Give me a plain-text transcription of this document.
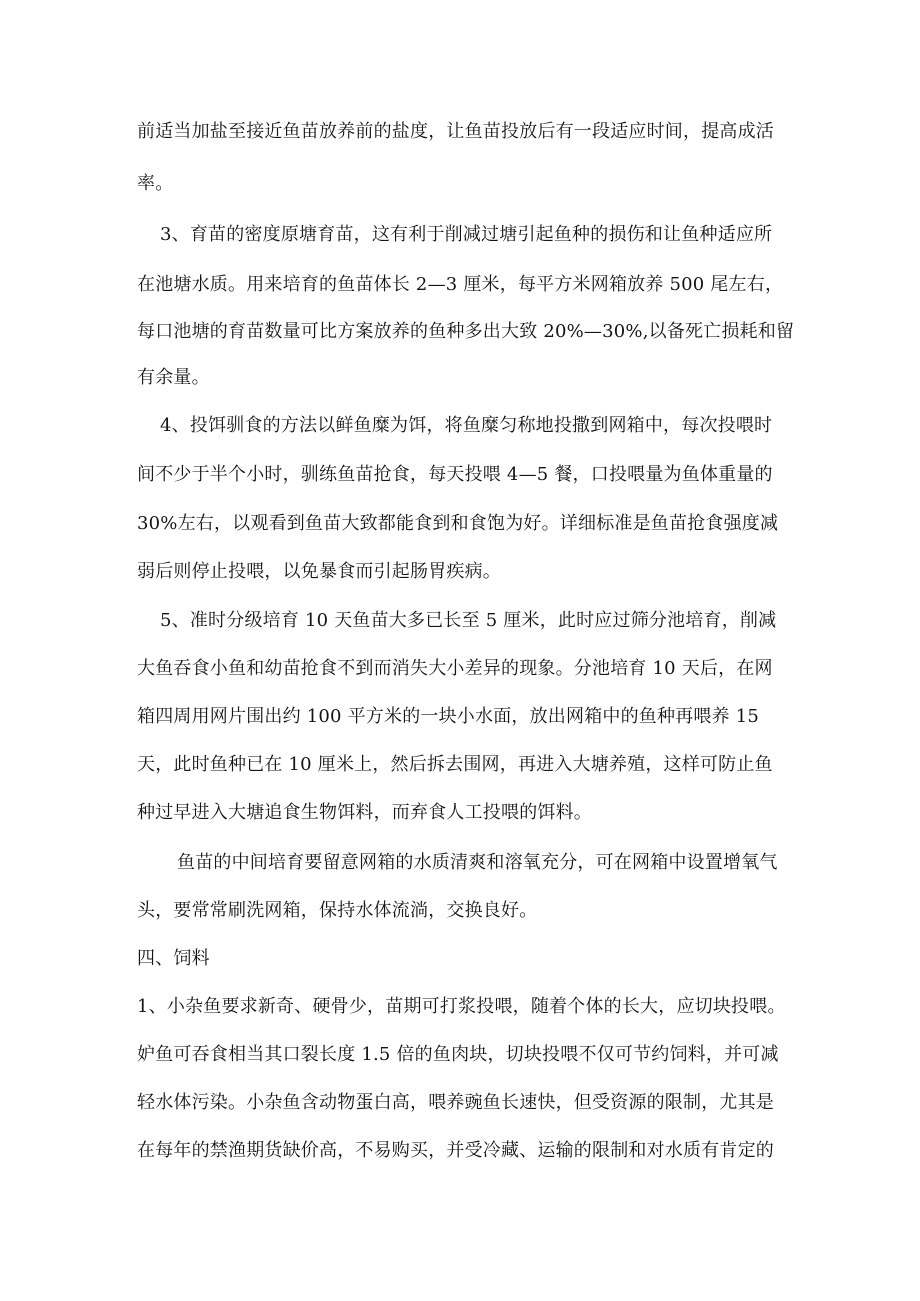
前适当加盐至接近鱼苗放养前的盐度，让鱼苗投放后有一段适应时间，提高成活
率。
3、育苗的密度原塘育苗，这有利于削减过塘引起鱼种的损伤和让鱼种适应所
在池塘水质。用来培育的鱼苗体长 2—3 厘米，每平方米网箱放养 500 尾左右，
每口池塘的育苗数量可比方案放养的鱼种多出大致 20%—30%,以备死亡损耗和留
有余量。
4、投饵驯食的方法以鲜鱼糜为饵，将鱼糜匀称地投撒到网箱中，每次投喂时
间不少于半个小时，驯练鱼苗抢食，每天投喂 4—5 餐，口投喂量为鱼体重量的
30%左右，以观看到鱼苗大致都能食到和食饱为好。详细标准是鱼苗抢食强度减
弱后则停止投喂，以免暴食而引起肠胃疾病。
5、准时分级培育 10 天鱼苗大多已长至 5 厘米，此时应过筛分池培育，削减
大鱼吞食小鱼和幼苗抢食不到而消失大小差异的现象。分池培育 10 天后，在网
箱四周用网片围出约 100 平方米的一块小水面，放出网箱中的鱼种再喂养 15
天，此时鱼种已在 10 厘米上，然后拆去围网，再进入大塘养殖，这样可防止鱼
种过早进入大塘追食生物饵料，而弃食人工投喂的饵料。
鱼苗的中间培育要留意网箱的水质清爽和溶氧充分，可在网箱中设置增氧气
头，要常常刷洗网箱，保持水体流淌，交换良好。
四、饲料
1、小杂鱼要求新奇、硬骨少，苗期可打浆投喂，随着个体的长大，应切块投喂。
妒鱼可吞食相当其口裂长度 1.5 倍的鱼肉块，切块投喂不仅可节约饲料，并可减
轻水体污染。小杂鱼含动物蛋白高，喂养豌鱼长速快，但受资源的限制，尤其是
在每年的禁渔期货缺价高，不易购买，并受冷藏、运输的限制和对水质有肯定的
